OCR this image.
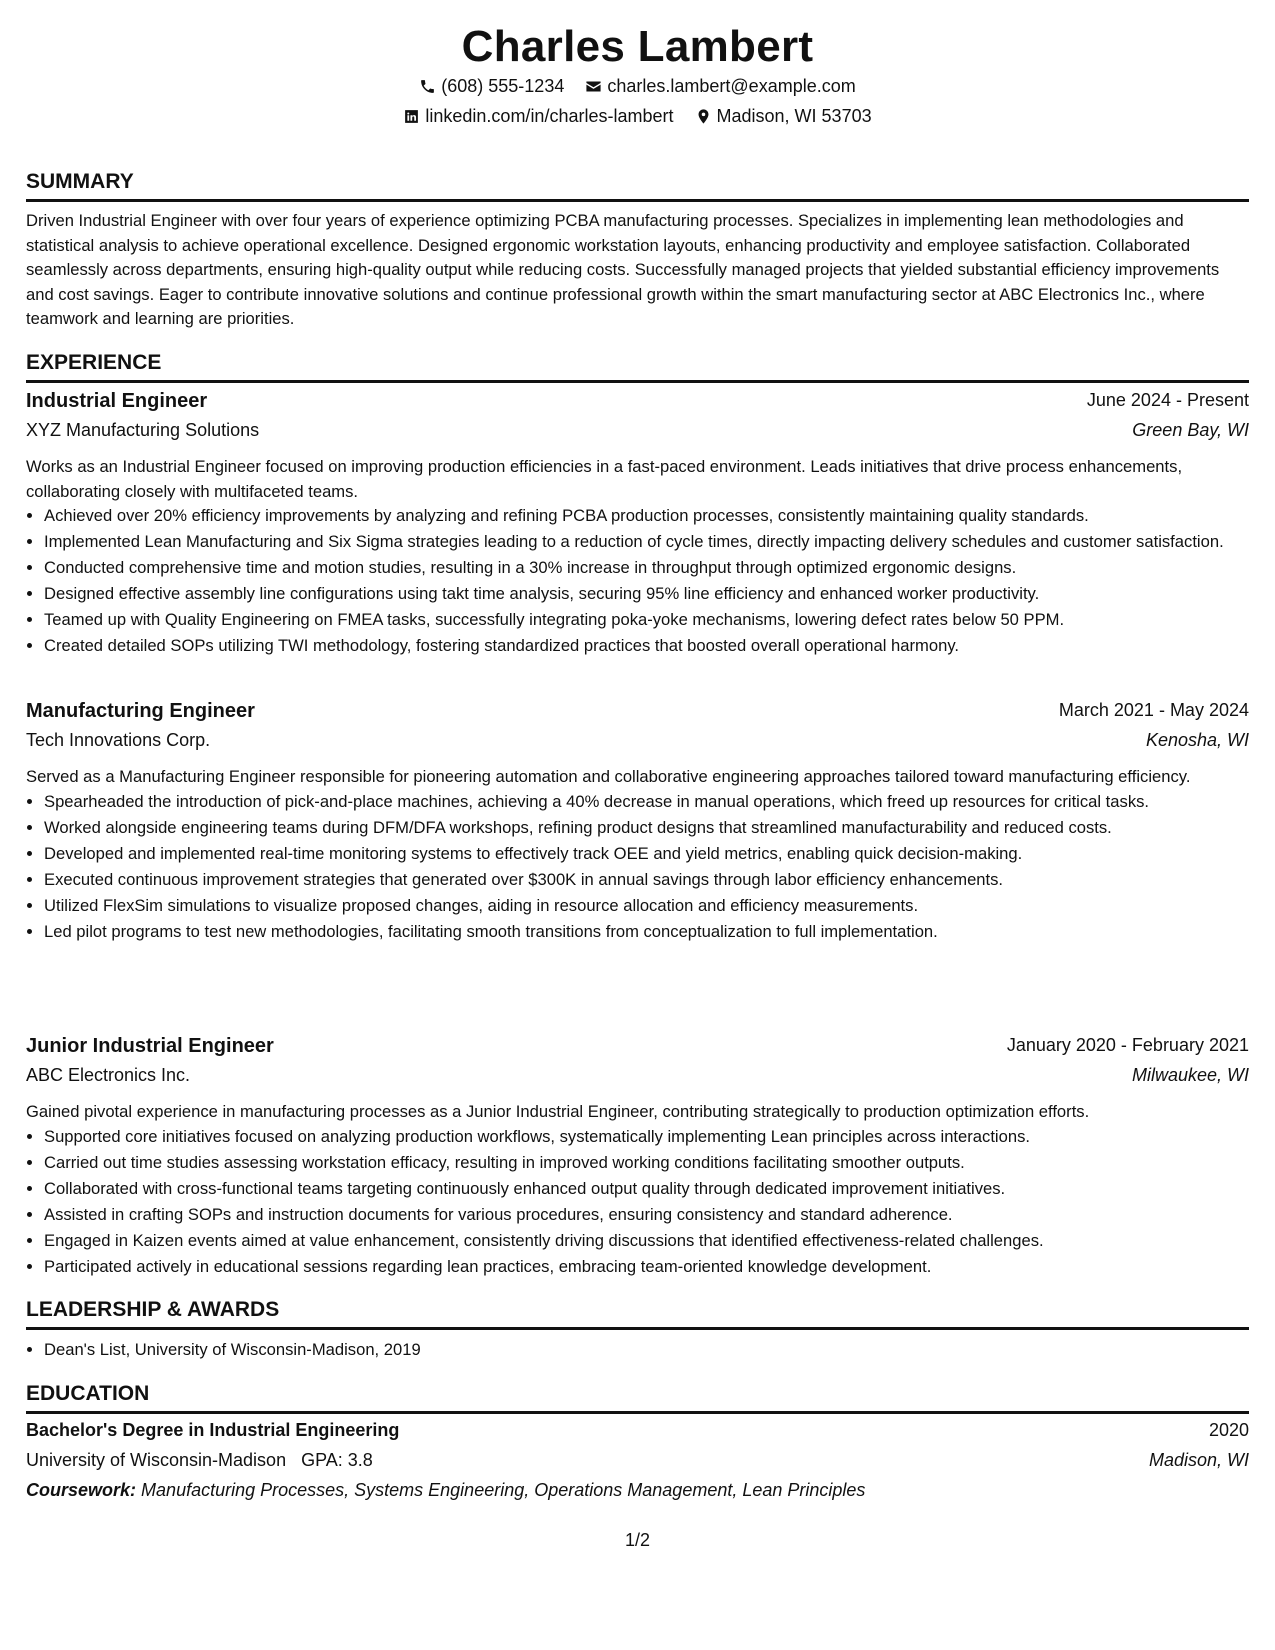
Charles Lambert
(608) 555-1234
charles.lambert@example.com
linkedin.com/in/charles-lambert
Madison, WI 53703
SUMMARY
Driven Industrial Engineer with over four years of experience optimizing PCBA manufacturing processes. Specializes in implementing lean methodologies and statistical analysis to achieve operational excellence. Designed ergonomic workstation layouts, enhancing productivity and employee satisfaction. Collaborated seamlessly across departments, ensuring high-quality output while reducing costs. Successfully managed projects that yielded substantial efficiency improvements and cost savings. Eager to contribute innovative solutions and continue professional growth within the smart manufacturing sector at ABC Electronics Inc., where teamwork and learning are priorities.
EXPERIENCE
Industrial Engineer	June 2024 - Present
XYZ Manufacturing Solutions	Green Bay, WI
Works as an Industrial Engineer focused on improving production efficiencies in a fast-paced environment. Leads initiatives that drive process enhancements, collaborating closely with multifaceted teams.
• Achieved over 20% efficiency improvements by analyzing and refining PCBA production processes, consistently maintaining quality standards.
• Implemented Lean Manufacturing and Six Sigma strategies leading to a reduction of cycle times, directly impacting delivery schedules and customer satisfaction.
• Conducted comprehensive time and motion studies, resulting in a 30% increase in throughput through optimized ergonomic designs.
• Designed effective assembly line configurations using takt time analysis, securing 95% line efficiency and enhanced worker productivity.
• Teamed up with Quality Engineering on FMEA tasks, successfully integrating poka-yoke mechanisms, lowering defect rates below 50 PPM.
• Created detailed SOPs utilizing TWI methodology, fostering standardized practices that boosted overall operational harmony.
Manufacturing Engineer	March 2021 - May 2024
Tech Innovations Corp.	Kenosha, WI
Served as a Manufacturing Engineer responsible for pioneering automation and collaborative engineering approaches tailored toward manufacturing efficiency.
• Spearheaded the introduction of pick-and-place machines, achieving a 40% decrease in manual operations, which freed up resources for critical tasks.
• Worked alongside engineering teams during DFM/DFA workshops, refining product designs that streamlined manufacturability and reduced costs.
• Developed and implemented real-time monitoring systems to effectively track OEE and yield metrics, enabling quick decision-making.
• Executed continuous improvement strategies that generated over $300K in annual savings through labor efficiency enhancements.
• Utilized FlexSim simulations to visualize proposed changes, aiding in resource allocation and efficiency measurements.
• Led pilot programs to test new methodologies, facilitating smooth transitions from conceptualization to full implementation.
Junior Industrial Engineer	January 2020 - February 2021
ABC Electronics Inc.	Milwaukee, WI
Gained pivotal experience in manufacturing processes as a Junior Industrial Engineer, contributing strategically to production optimization efforts.
• Supported core initiatives focused on analyzing production workflows, systematically implementing Lean principles across interactions.
• Carried out time studies assessing workstation efficacy, resulting in improved working conditions facilitating smoother outputs.
• Collaborated with cross-functional teams targeting continuously enhanced output quality through dedicated improvement initiatives.
• Assisted in crafting SOPs and instruction documents for various procedures, ensuring consistency and standard adherence.
• Engaged in Kaizen events aimed at value enhancement, consistently driving discussions that identified effectiveness-related challenges.
• Participated actively in educational sessions regarding lean practices, embracing team-oriented knowledge development.
LEADERSHIP & AWARDS
• Dean's List, University of Wisconsin-Madison, 2019
EDUCATION
Bachelor's Degree in Industrial Engineering	2020
University of Wisconsin-Madison GPA: 3.8	Madison, WI
Coursework: Manufacturing Processes, Systems Engineering, Operations Management, Lean Principles
1/2
